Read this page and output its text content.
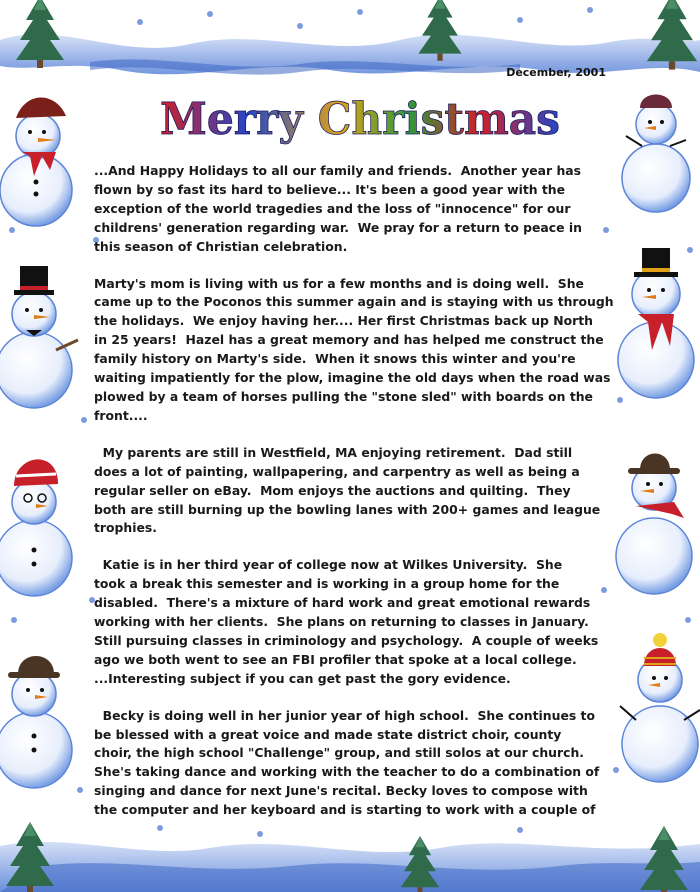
December, 2001
Merry Christmas

...And Happy Holidays to all our family and friends.  Another year has
flown by so fast its hard to believe... It's been a good year with the
exception of the world tragedies and the loss of "innocence" for our
childrens' generation regarding war.  We pray for a return to peace in
this season of Christian celebration.

Marty's mom is living with us for a few months and is doing well.  She
came up to the Poconos this summer again and is staying with us through
the holidays.  We enjoy having her.... Her first Christmas back up North
in 25 years!  Hazel has a great memory and has helped me construct the
family history on Marty's side.  When it snows this winter and you're
waiting impatiently for the plow, imagine the old days when the road was
plowed by a team of horses pulling the "stone sled" with boards on the
front....

My parents are still in Westfield, MA enjoying retirement.  Dad still
does a lot of painting, wallpapering, and carpentry as well as being a
regular seller on eBay.  Mom enjoys the auctions and quilting.  They
both are still burning up the bowling lanes with 200+ games and league
trophies.

Katie is in her third year of college now at Wilkes University.  She
took a break this semester and is working in a group home for the
disabled.  There's a mixture of hard work and great emotional rewards
working with her clients.  She plans on returning to classes in January.
Still pursuing classes in criminology and psychology.  A couple of weeks
ago we both went to see an FBI profiler that spoke at a local college.
...Interesting subject if you can get past the gory evidence.

Becky is doing well in her junior year of high school.  She continues to
be blessed with a great voice and made state district choir, county
choir, the high school "Challenge" group, and still solos at our church.
She's taking dance and working with the teacher to do a combination of
singing and dance for next June's recital. Becky loves to compose with
the computer and her keyboard and is starting to work with a couple of
